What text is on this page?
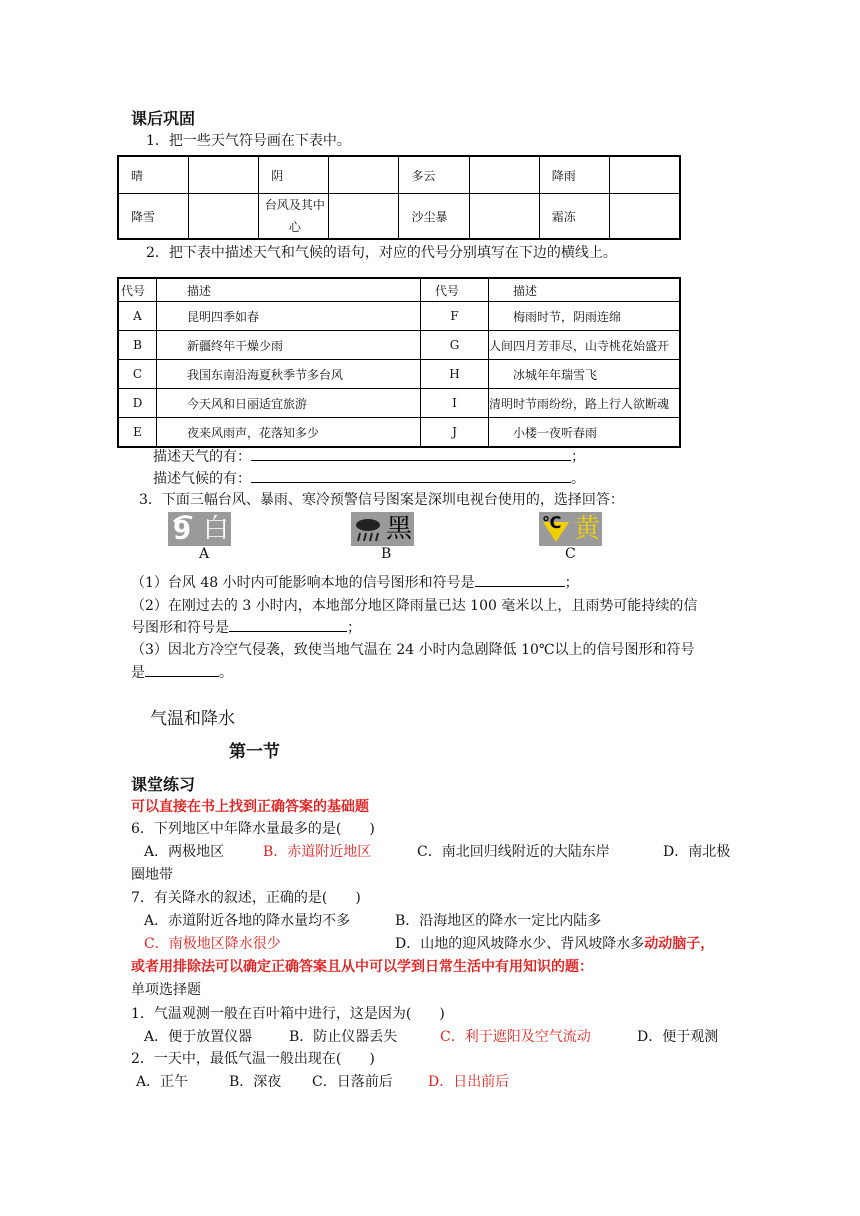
课后巩固
1．把一些天气符号画在下表中。
晴		阴		多云		降雨	
降雪		台风及其中心		沙尘暴		霜冻	
2．把下表中描述天气和气候的语句，对应的代号分别填写在下边的横线上。
代号	描述	代号	描述
A	昆明四季如春	F	梅雨时节，阴雨连绵
B	新疆终年干燥少雨	G	人间四月芳菲尽，山寺桃花始盛开
C	我国东南沿海夏秋季节多台风	H	冰城年年瑞雪飞
D	今天风和日丽适宜旅游	I	清明时节雨纷纷，路上行人欲断魂
E	夜来风雨声，花落知多少	J	小楼一夜听春雨
描述天气的有：	；
描述气候的有：	。
3．下面三幅台风、暴雨、寒冷预警信号图案是深圳电视台使用的，选择回答：
9 白
A
黑
B
℃ 黄
C
（1）台风 48 小时内可能影响本地的信号图形和符号是	；
（2）在刚过去的 3 小时内，本地部分地区降雨量已达 100 毫米以上，且雨势可能持续的信
号图形和符号是	；
（3）因北方冷空气侵袭，致使当地气温在 24 小时内急剧降低 10℃以上的信号图形和符号
是	。
气温和降水
第一节
课堂练习
可以直接在书上找到正确答案的基础题
6．下列地区中年降水量最多的是(　　)
A．两极地区	B．赤道附近地区	C．南北回归线附近的大陆东岸	D．南北极
圈地带
7．有关降水的叙述，正确的是(　　)
A．赤道附近各地的降水量均不多	B．沿海地区的降水一定比内陆多
C．南极地区降水很少	D．山地的迎风坡降水少、背风坡降水多动动脑子，
或者用排除法可以确定正确答案且从中可以学到日常生活中有用知识的题：
单项选择题
1．气温观测一般在百叶箱中进行，这是因为(　　)
A．便于放置仪器	B．防止仪器丢失	C．利于遮阳及空气流动	D．便于观测
2．一天中，最低气温一般出现在(　　)
A．正午	B．深夜 C．日落前后	D．日出前后
